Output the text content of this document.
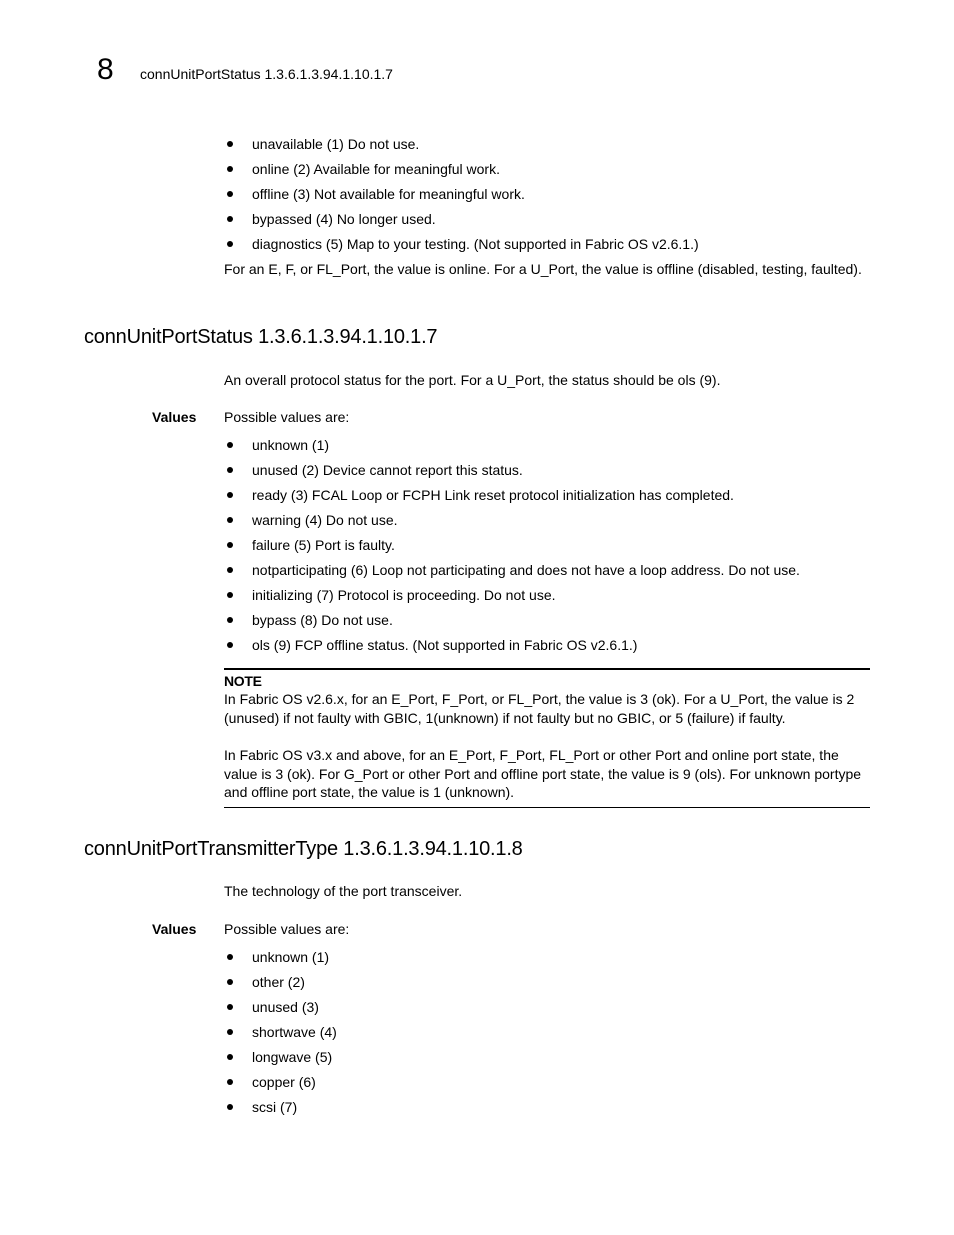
8 connUnitPortStatus 1.3.6.1.3.94.1.10.1.7
unavailable (1) Do not use.
online (2) Available for meaningful work.
offline (3) Not available for meaningful work.
bypassed (4) No longer used.
diagnostics (5) Map to your testing. (Not supported in Fabric OS v2.6.1.)
For an E, F, or FL_Port, the value is online. For a U_Port, the value is offline (disabled, testing, faulted).
connUnitPortStatus 1.3.6.1.3.94.1.10.1.7
An overall protocol status for the port. For a U_Port, the status should be ols (9).
Values Possible values are:
unknown (1)
unused (2) Device cannot report this status.
ready (3) FCAL Loop or FCPH Link reset protocol initialization has completed.
warning (4) Do not use.
failure (5) Port is faulty.
notparticipating (6) Loop not participating and does not have a loop address. Do not use.
initializing (7) Protocol is proceeding. Do not use.
bypass (8) Do not use.
ols (9) FCP offline status. (Not supported in Fabric OS v2.6.1.)
NOTE

In Fabric OS v2.6.x, for an E_Port, F_Port, or FL_Port, the value is 3 (ok). For a U_Port, the value is 2 (unused) if not faulty with GBIC, 1(unknown) if not faulty but no GBIC, or 5 (failure) if faulty.

In Fabric OS v3.x and above, for an E_Port, F_Port, FL_Port or other Port and online port state, the value is 3 (ok). For G_Port or other Port and offline port state, the value is 9 (ols). For unknown portype and offline port state, the value is 1 (unknown).

connUnitPortTransmitterType 1.3.6.1.3.94.1.10.1.8
The technology of the port transceiver.
Values Possible values are:
unknown (1)
other (2)
unused (3)
shortwave (4)
longwave (5)
copper (6)
scsi (7)
